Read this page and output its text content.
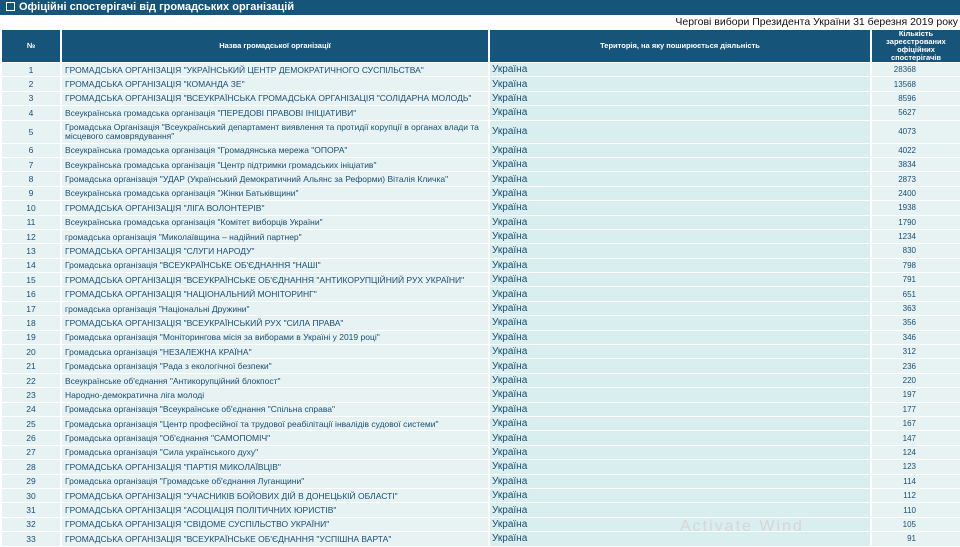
Офіційні спостерігачі від громадських організацій
Чергові вибори Президента України 31 березня 2019 року
№	Назва громадської організації	Територія, на яку поширюється діяльність	Кількість зареєстрованих офіційних спостерігачів
1	ГРОМАДСЬКА ОРГАНІЗАЦІЯ "УКРАЇНСЬКИЙ ЦЕНТР ДЕМОКРАТИЧНОГО СУСПІЛЬСТВА"	Україна	28368
2	ГРОМАДСЬКА ОРГАНІЗАЦІЯ "КОМАНДА ЗЕ"	Україна	13568
3	ГРОМАДСЬКА ОРГАНІЗАЦІЯ "ВСЕУКРАЇНСЬКА ГРОМАДСЬКА ОРГАНІЗАЦІЯ "СОЛІДАРНА МОЛОДЬ"	Україна	8596
4	Всеукраїнська громадська організація "ПЕРЕДОВІ ПРАВОВІ ІНІЦІАТИВИ"	Україна	5627
5	Громадська Організація "Всеукраїнський департамент виявлення та протидії корупції в органах влади та місцевого самоврядування"	Україна	4073
6	Всеукраїнська громадська організація "Громадянська мережа "ОПОРА"	Україна	4022
7	Всеукраїнська громадська організація "Центр підтримки громадських ініціатив"	Україна	3834
8	Громадська організація "УДАР (Український Демократичний Альянс за Реформи) Віталія Кличка"	Україна	2873
9	Всеукраїнська громадська організація "Жінки Батьківщини"	Україна	2400
10	ГРОМАДСЬКА ОРГАНІЗАЦІЯ "ЛІГА ВОЛОНТЕРІВ"	Україна	1938
11	Всеукраїнська громадська організація "Комітет виборців України"	Україна	1790
12	громадська організація "Миколаївщина – надійний партнер"	Україна	1234
13	ГРОМАДСЬКА ОРГАНІЗАЦІЯ "СЛУГИ НАРОДУ"	Україна	830
14	Громадська організація "ВСЕУКРАЇНСЬКЕ ОБ'ЄДНАННЯ "НАШІ"	Україна	798
15	ГРОМАДСЬКА ОРГАНІЗАЦІЯ "ВСЕУКРАЇНСЬКЕ ОБ'ЄДНАННЯ "АНТИКОРУПЦІЙНИЙ РУХ УКРАЇНИ"	Україна	791
16	ГРОМАДСЬКА ОРГАНІЗАЦІЯ "НАЦІОНАЛЬНИЙ МОНІТОРИНГ"	Україна	651
17	громадська організація "Національні Дружини"	Україна	363
18	ГРОМАДСЬКА ОРГАНІЗАЦІЯ "ВСЕУКРАЇНСЬКИЙ РУХ "СИЛА ПРАВА"	Україна	356
19	Громадська організація "Моніторингова місія за виборами в Україні у 2019 році"	Україна	346
20	Громадська організація "НЕЗАЛЕЖНА КРАЇНА"	Україна	312
21	Громадська організація "Рада з екологічної безпеки"	Україна	236
22	Всеукраїнське об'єднання "Антикорупційний блокпост"	Україна	220
23	Народно-демократична ліга молоді	Україна	197
24	Громадська організація "Всеукраїнське об'єднання "Спільна справа"	Україна	177
25	Громадська організація "Центр професійної та трудової реабілітації інвалідів судової системи"	Україна	167
26	Громадська організація "Об'єднання "САМОПОМІЧ"	Україна	147
27	Громадська організація "Сила українського духу"	Україна	124
28	ГРОМАДСЬКА ОРГАНІЗАЦІЯ "ПАРТІЯ МИКОЛАЇВЦІВ"	Україна	123
29	Громадська організація "Громадське об'єднання Луганщини"	Україна	114
30	ГРОМАДСЬКА ОРГАНІЗАЦІЯ "УЧАСНИКІВ БОЙОВИХ ДІЙ В ДОНЕЦЬКІЙ ОБЛАСТІ"	Україна	112
31	ГРОМАДСЬКА ОРГАНІЗАЦІЯ "АСОЦІАЦІЯ ПОЛІТИЧНИХ ЮРИСТІВ"	Україна	110
32	ГРОМАДСЬКА ОРГАНІЗАЦІЯ "СВІДОМЕ СУСПІЛЬСТВО УКРАЇНИ"	Україна	105
33	ГРОМАДСЬКА ОРГАНІЗАЦІЯ "ВСЕУКРАЇНСЬКЕ ОБ'ЄДНАННЯ "УСПІШНА ВАРТА"	Україна	91
Activate Wind
